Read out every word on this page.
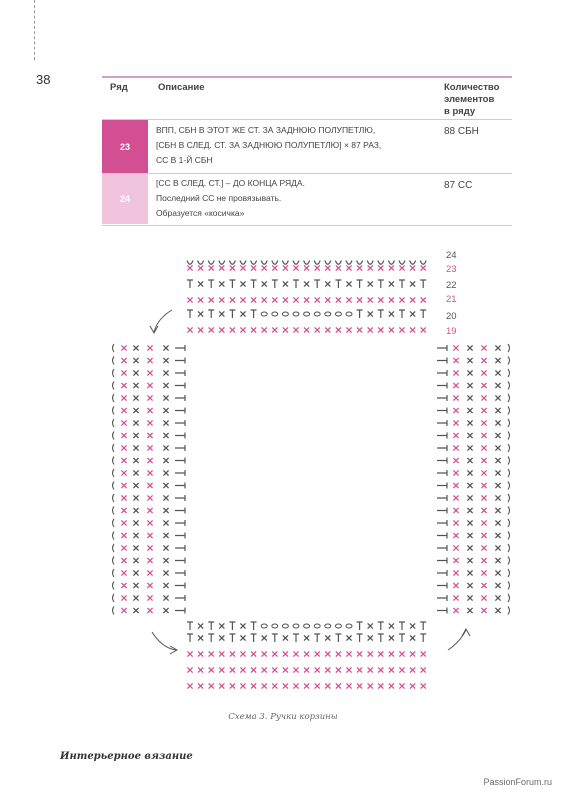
38
Ряд	Описание	Количество
элементов
в ряду
23
ВПП, СБН В ЭТОТ ЖЕ СТ. ЗА ЗАДНЮЮ ПОЛУПЕТЛЮ,
[СБН В СЛЕД. СТ. ЗА ЗАДНЮЮ ПОЛУПЕТЛЮ] × 87 РАЗ,
СС В 1-Й СБН
88 СБН
24
[СС В СЛЕД. СТ.] – ДО КОНЦА РЯДА.
Последний СС не провязывать.
Образуется «косичка»
87 СС
24
23
22
21
20
19
Схема 3. Ручки корзины
Интерьерное вязание
PassionForum.ru
